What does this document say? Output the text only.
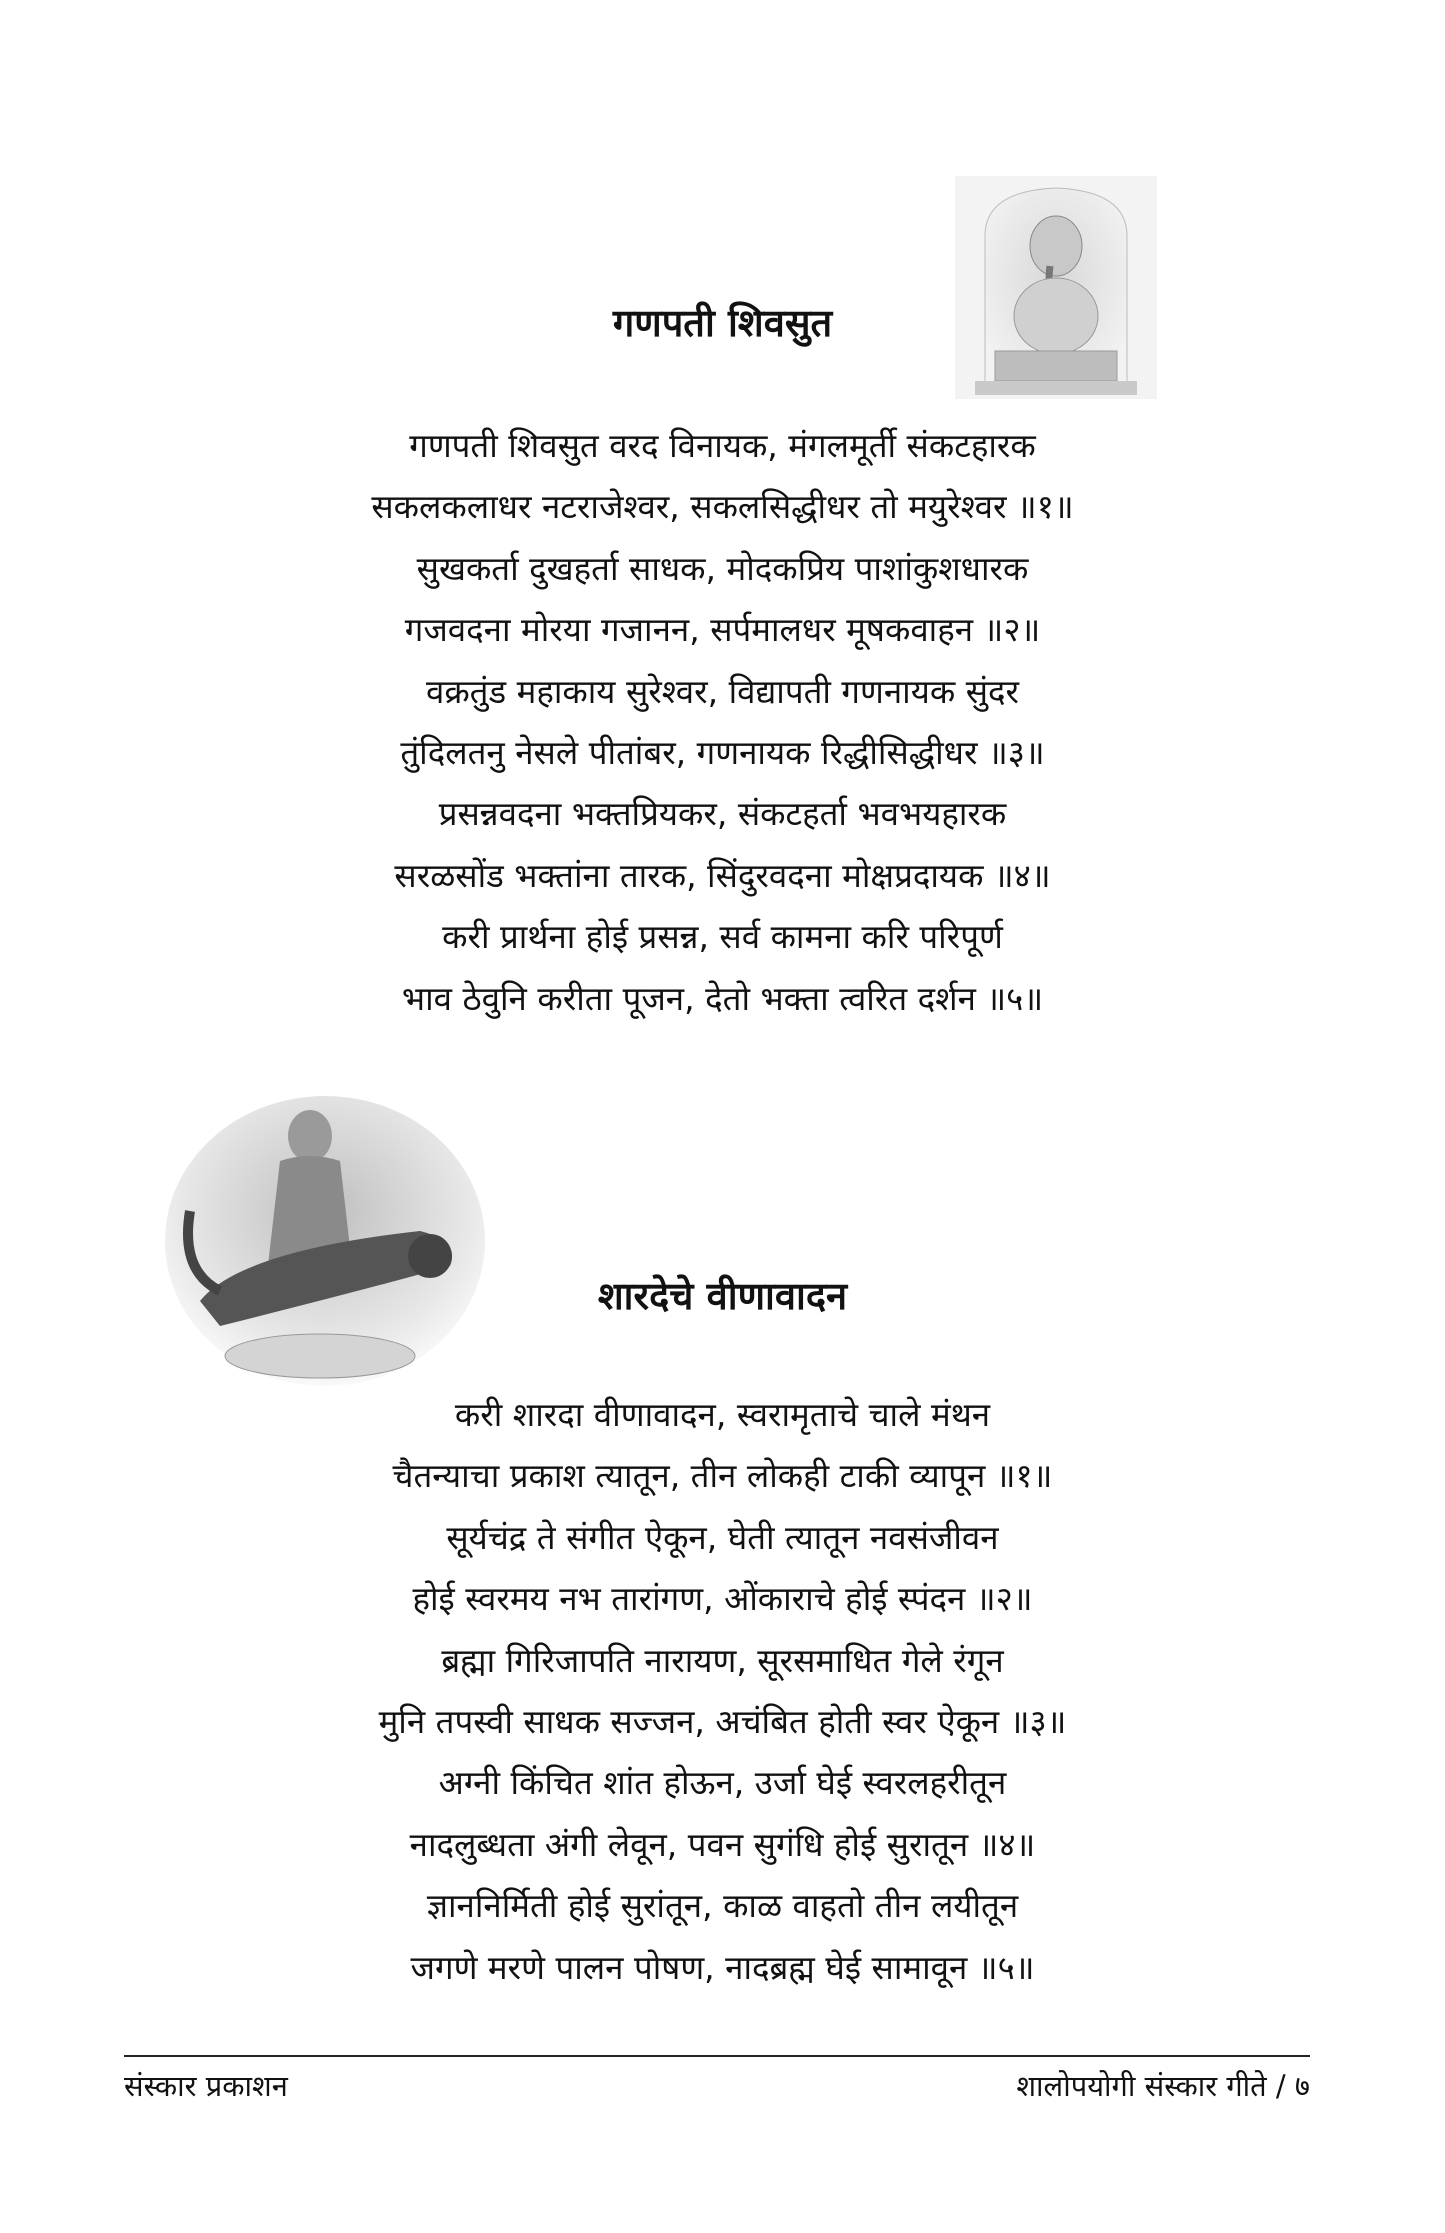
गणपती शिवसुत
गणपती शिवसुत वरद विनायक, मंगलमूर्ती संकटहारक
सकलकलाधर नटराजेश्वर, सकलसिद्धीधर तो मयुरेश्वर ॥१॥
सुखकर्ता दुखहर्ता साधक, मोदकप्रिय पाशांकुशधारक
गजवदना मोरया गजानन, सर्पमालधर मूषकवाहन ॥२॥
वक्रतुंड महाकाय सुरेश्वर, विद्यापती गणनायक सुंदर
तुंदिलतनु नेसले पीतांबर, गणनायक रिद्धीसिद्धीधर ॥३॥
प्रसन्नवदना भक्तप्रियकर, संकटहर्ता भवभयहारक
सरळसोंड भक्तांना तारक, सिंदुरवदना मोक्षप्रदायक ॥४॥
करी प्रार्थना होई प्रसन्न, सर्व कामना करि परिपूर्ण
भाव ठेवुनि करीता पूजन, देतो भक्ता त्वरित दर्शन ॥५॥
शारदेचे वीणावादन
करी शारदा वीणावादन, स्वरामृताचे चाले मंथन
चैतन्याचा प्रकाश त्यातून, तीन लोकही टाकी व्यापून ॥१॥
सूर्यचंद्र ते संगीत ऐकून, घेती त्यातून नवसंजीवन
होई स्वरमय नभ तारांगण, ओंकाराचे होई स्पंदन ॥२॥
ब्रह्मा गिरिजापति नारायण, सूरसमाधित गेले रंगून
मुनि तपस्वी साधक सज्जन, अचंबित होती स्वर ऐकून ॥३॥
अग्नी किंचित शांत होऊन, उर्जा घेई स्वरलहरीतून
नादलुब्धता अंगी लेवून, पवन सुगंधि होई सुरातून ॥४॥
ज्ञाननिर्मिती होई सुरांतून, काळ वाहतो तीन लयीतून
जगणे मरणे पालन पोषण, नादब्रह्म घेई सामावून ॥५॥
संस्कार प्रकाशन	शालोपयोगी संस्कार गीते / ७
